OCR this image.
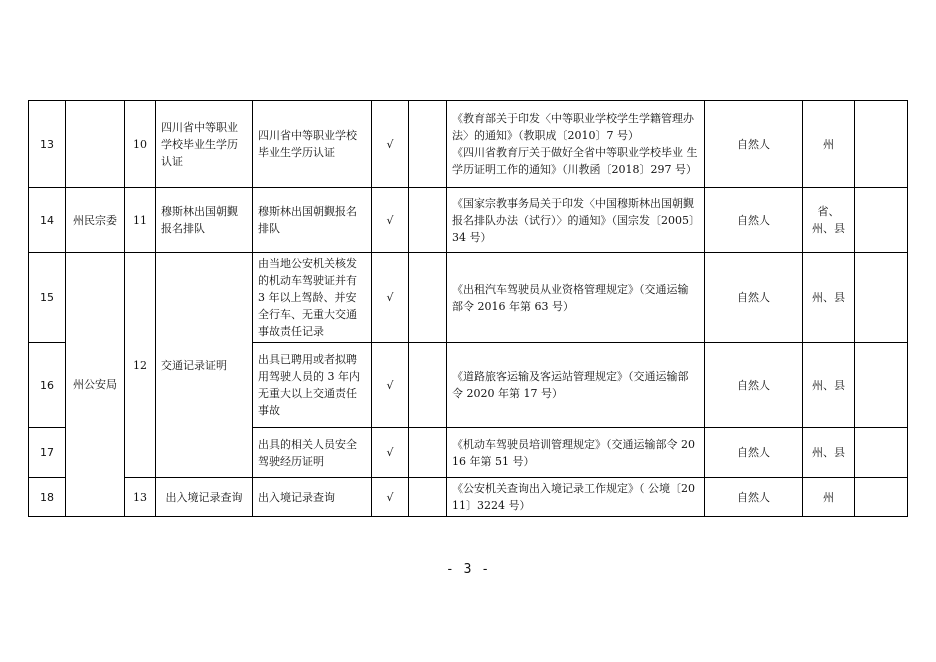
13		10	四川省中等职业学校毕业生学历认证	四川省中等职业学校毕业生学历认证	√		《教育部关于印发〈中等职业学校学生学籍管理办法〉的通知》（教职成〔2010〕7 号）
《四川省教育厅关于做好全省中等职业学校毕业 生学历证明工作的通知》（川教函〔2018〕297 号）	自然人	州	
14	州民宗委	11	穆斯林出国朝觐报名排队	穆斯林出国朝觐报名排队	√		《国家宗教事务局关于印发〈中国穆斯林出国朝觐报名排队办法（试行）〉的通知》（国宗发〔2005〕34 号）	自然人	省、州、县	
15	州公安局	12	交通记录证明	由当地公安机关核发的机动车驾驶证并有 3 年以上驾龄、并安全行车、无重大交通事故责任记录	√		《出租汽车驾驶员从业资格管理规定》（交通运输部令 2016 年第 63 号）	自然人	州、县	
16				出具已聘用或者拟聘用驾驶人员的 3 年内无重大以上交通责任事故	√		《道路旅客运输及客运站管理规定》（交通运输部令 2020 年第 17 号）	自然人	州、县	
17				出具的相关人员安全驾驶经历证明	√		《机动车驾驶员培训管理规定》（交通运输部令 2016 年第 51 号）	自然人	州、县	
18		13	出入境记录查询	出入境记录查询	√		《公安机关查询出入境记录工作规定》（ 公境〔2011〕3224 号）	自然人	州	
- 3 -
